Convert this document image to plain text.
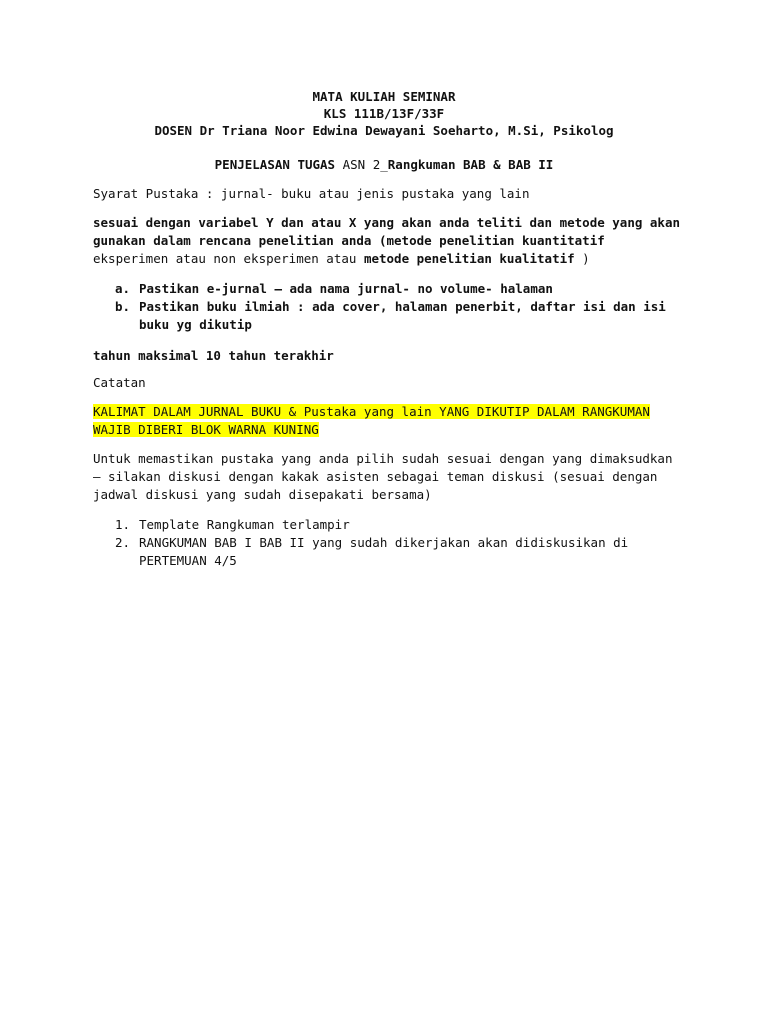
MATA KULIAH SEMINAR
KLS 111B/13F/33F
DOSEN Dr Triana Noor Edwina Dewayani Soeharto, M.Si, Psikolog
PENJELASAN TUGAS ASN 2_Rangkuman BAB & BAB II
Syarat Pustaka : jurnal- buku atau jenis pustaka yang lain
sesuai dengan variabel Y dan atau X yang akan anda teliti dan metode yang akan gunakan dalam rencana penelitian anda (metode penelitian kuantitatif eksperimen atau non eksperimen atau metode penelitian kualitatif )
a. Pastikan e-jurnal – ada nama jurnal- no volume- halaman
b. Pastikan buku ilmiah : ada cover, halaman penerbit, daftar isi dan isi buku yg dikutip
tahun maksimal 10 tahun terakhir
Catatan
KALIMAT DALAM JURNAL BUKU & Pustaka yang lain YANG DIKUTIP DALAM RANGKUMAN WAJIB DIBERI BLOK WARNA KUNING
Untuk memastikan pustaka yang anda pilih sudah sesuai dengan yang dimaksudkan – silakan diskusi dengan kakak asisten sebagai teman diskusi (sesuai dengan jadwal diskusi yang sudah disepakati bersama)
1. Template Rangkuman terlampir
2. RANGKUMAN BAB I BAB II yang sudah dikerjakan akan didiskusikan di PERTEMUAN 4/5
